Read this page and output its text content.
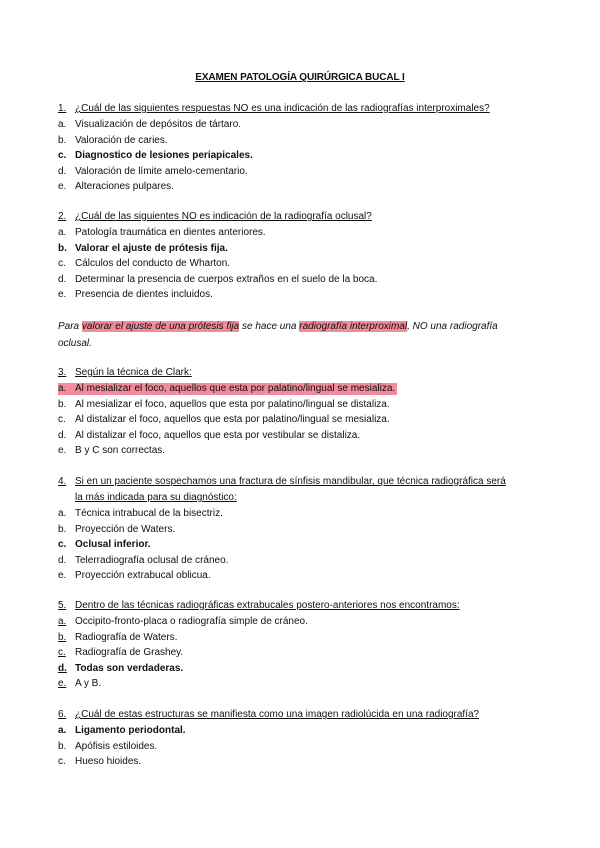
EXAMEN PATOLOGÍA QUIRÚRGICA BUCAL I
1. ¿Cuál de las siguientes respuestas NO es una indicación de las radiografías interproximales?
a. Visualización de depósitos de tártaro.
b. Valoración de caries.
c. Diagnostico de lesiones periapicales.
d. Valoración de límite amelo-cementario.
e. Alteraciones pulpares.
2. ¿Cuál de las siguientes NO es indicación de la radiografía oclusal?
a. Patología traumática en dientes anteriores.
b. Valorar el ajuste de prótesis fija.
c. Cálculos del conducto de Wharton.
d. Determinar la presencia de cuerpos extraños en el suelo de la boca.
e. Presencia de dientes incluidos.
Para valorar el ajuste de una prótesis fija se hace una radiografía interproximal, NO una radiografía
oclusal.
3. Según la técnica de Clark:
a. Al mesializar el foco, aquellos que esta por palatino/lingual se mesializa.
b. Al mesializar el foco, aquellos que esta por palatino/lingual se distaliza.
c. Al distalizar el foco, aquellos que esta por palatino/lingual se mesializa.
d. Al distalizar el foco, aquellos que esta por vestibular se distaliza.
e. B y C son correctas.
4. Si en un paciente sospechamos una fractura de sínfisis mandibular, que técnica radiográfica será
la más indicada para su diagnóstico:
a. Técnica intrabucal de la bisectriz.
b. Proyección de Waters.
c. Oclusal inferior.
d. Telerradiografía oclusal de cráneo.
e. Proyección extrabucal oblicua.
5. Dentro de las técnicas radiográficas extrabucales postero-anteriores nos encontramos:
a. Occipito-fronto-placa o radiografía simple de cráneo.
b. Radiografía de Waters.
c. Radiografía de Grashey.
d. Todas son verdaderas.
e. A y B.
6. ¿Cuál de estas estructuras se manifiesta como una imagen radiolúcida en una radiografía?
a. Ligamento periodontal.
b. Apófisis estiloides.
c. Hueso hioides.
